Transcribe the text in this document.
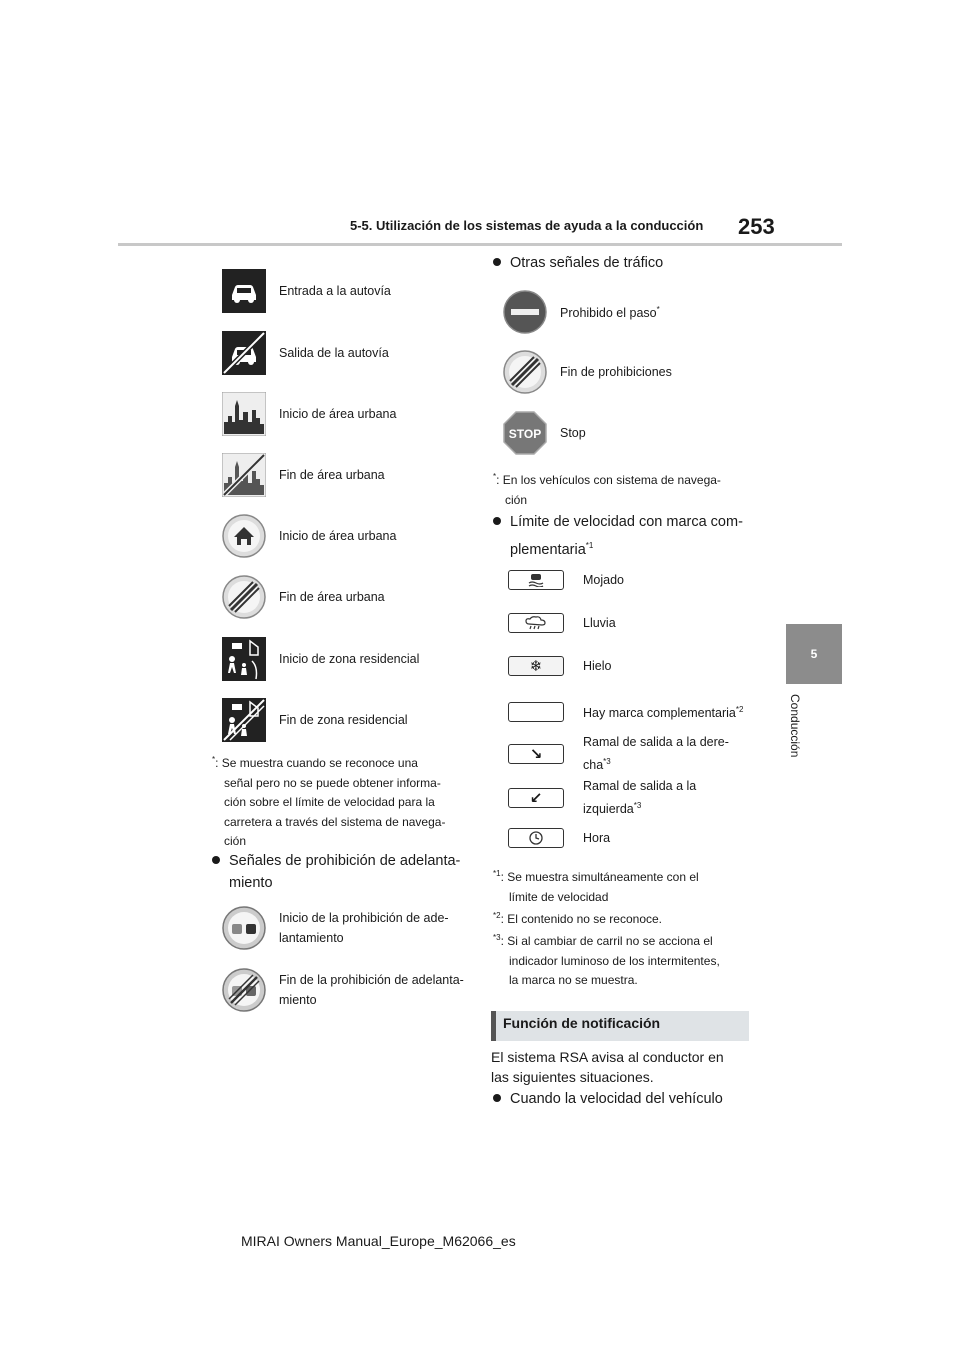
5-5. Utilización de los sistemas de ayuda a la conducción 253
5
Conducción
Entrada a la autovía
Salida de la autovía
Inicio de área urbana
Fin de área urbana
Inicio de área urbana
Fin de área urbana
Inicio de zona residencial
Fin de zona residencial
*: Se muestra cuando se reconoce una
señal pero no se puede obtener informa-
ción sobre el límite de velocidad para la
carretera a través del sistema de navega-
ción
Señales de prohibición de adelanta-
miento
Inicio de la prohibición de ade-
lantamiento
Fin de la prohibición de adelanta-
miento
Otras señales de tráfico
Prohibido el paso*
Fin de prohibiciones
STOP Stop
*: En los vehículos con sistema de navega-
ción
Límite de velocidad con marca com-
plementaria$^{*1}$
Mojado
Lluvia
❄	Hielo
Hay marca complementaria$^{*2}$
↘
Ramal de salida a la dere-
cha$^{*3}$
↙
Ramal de salida a la
izquierda$^{*3}$
Hora
$^{*1}$: Se muestra simultáneamente con el
límite de velocidad
$^{*2}$: El contenido no se reconoce.
$^{*3}$: Si al cambiar de carril no se acciona el
indicador luminoso de los intermitentes,
la marca no se muestra.
Función de notificación
El sistema RSA avisa al conductor en
las siguientes situaciones.
Cuando la velocidad del vehículo
MIRAI Owners Manual_Europe_M62066_es
